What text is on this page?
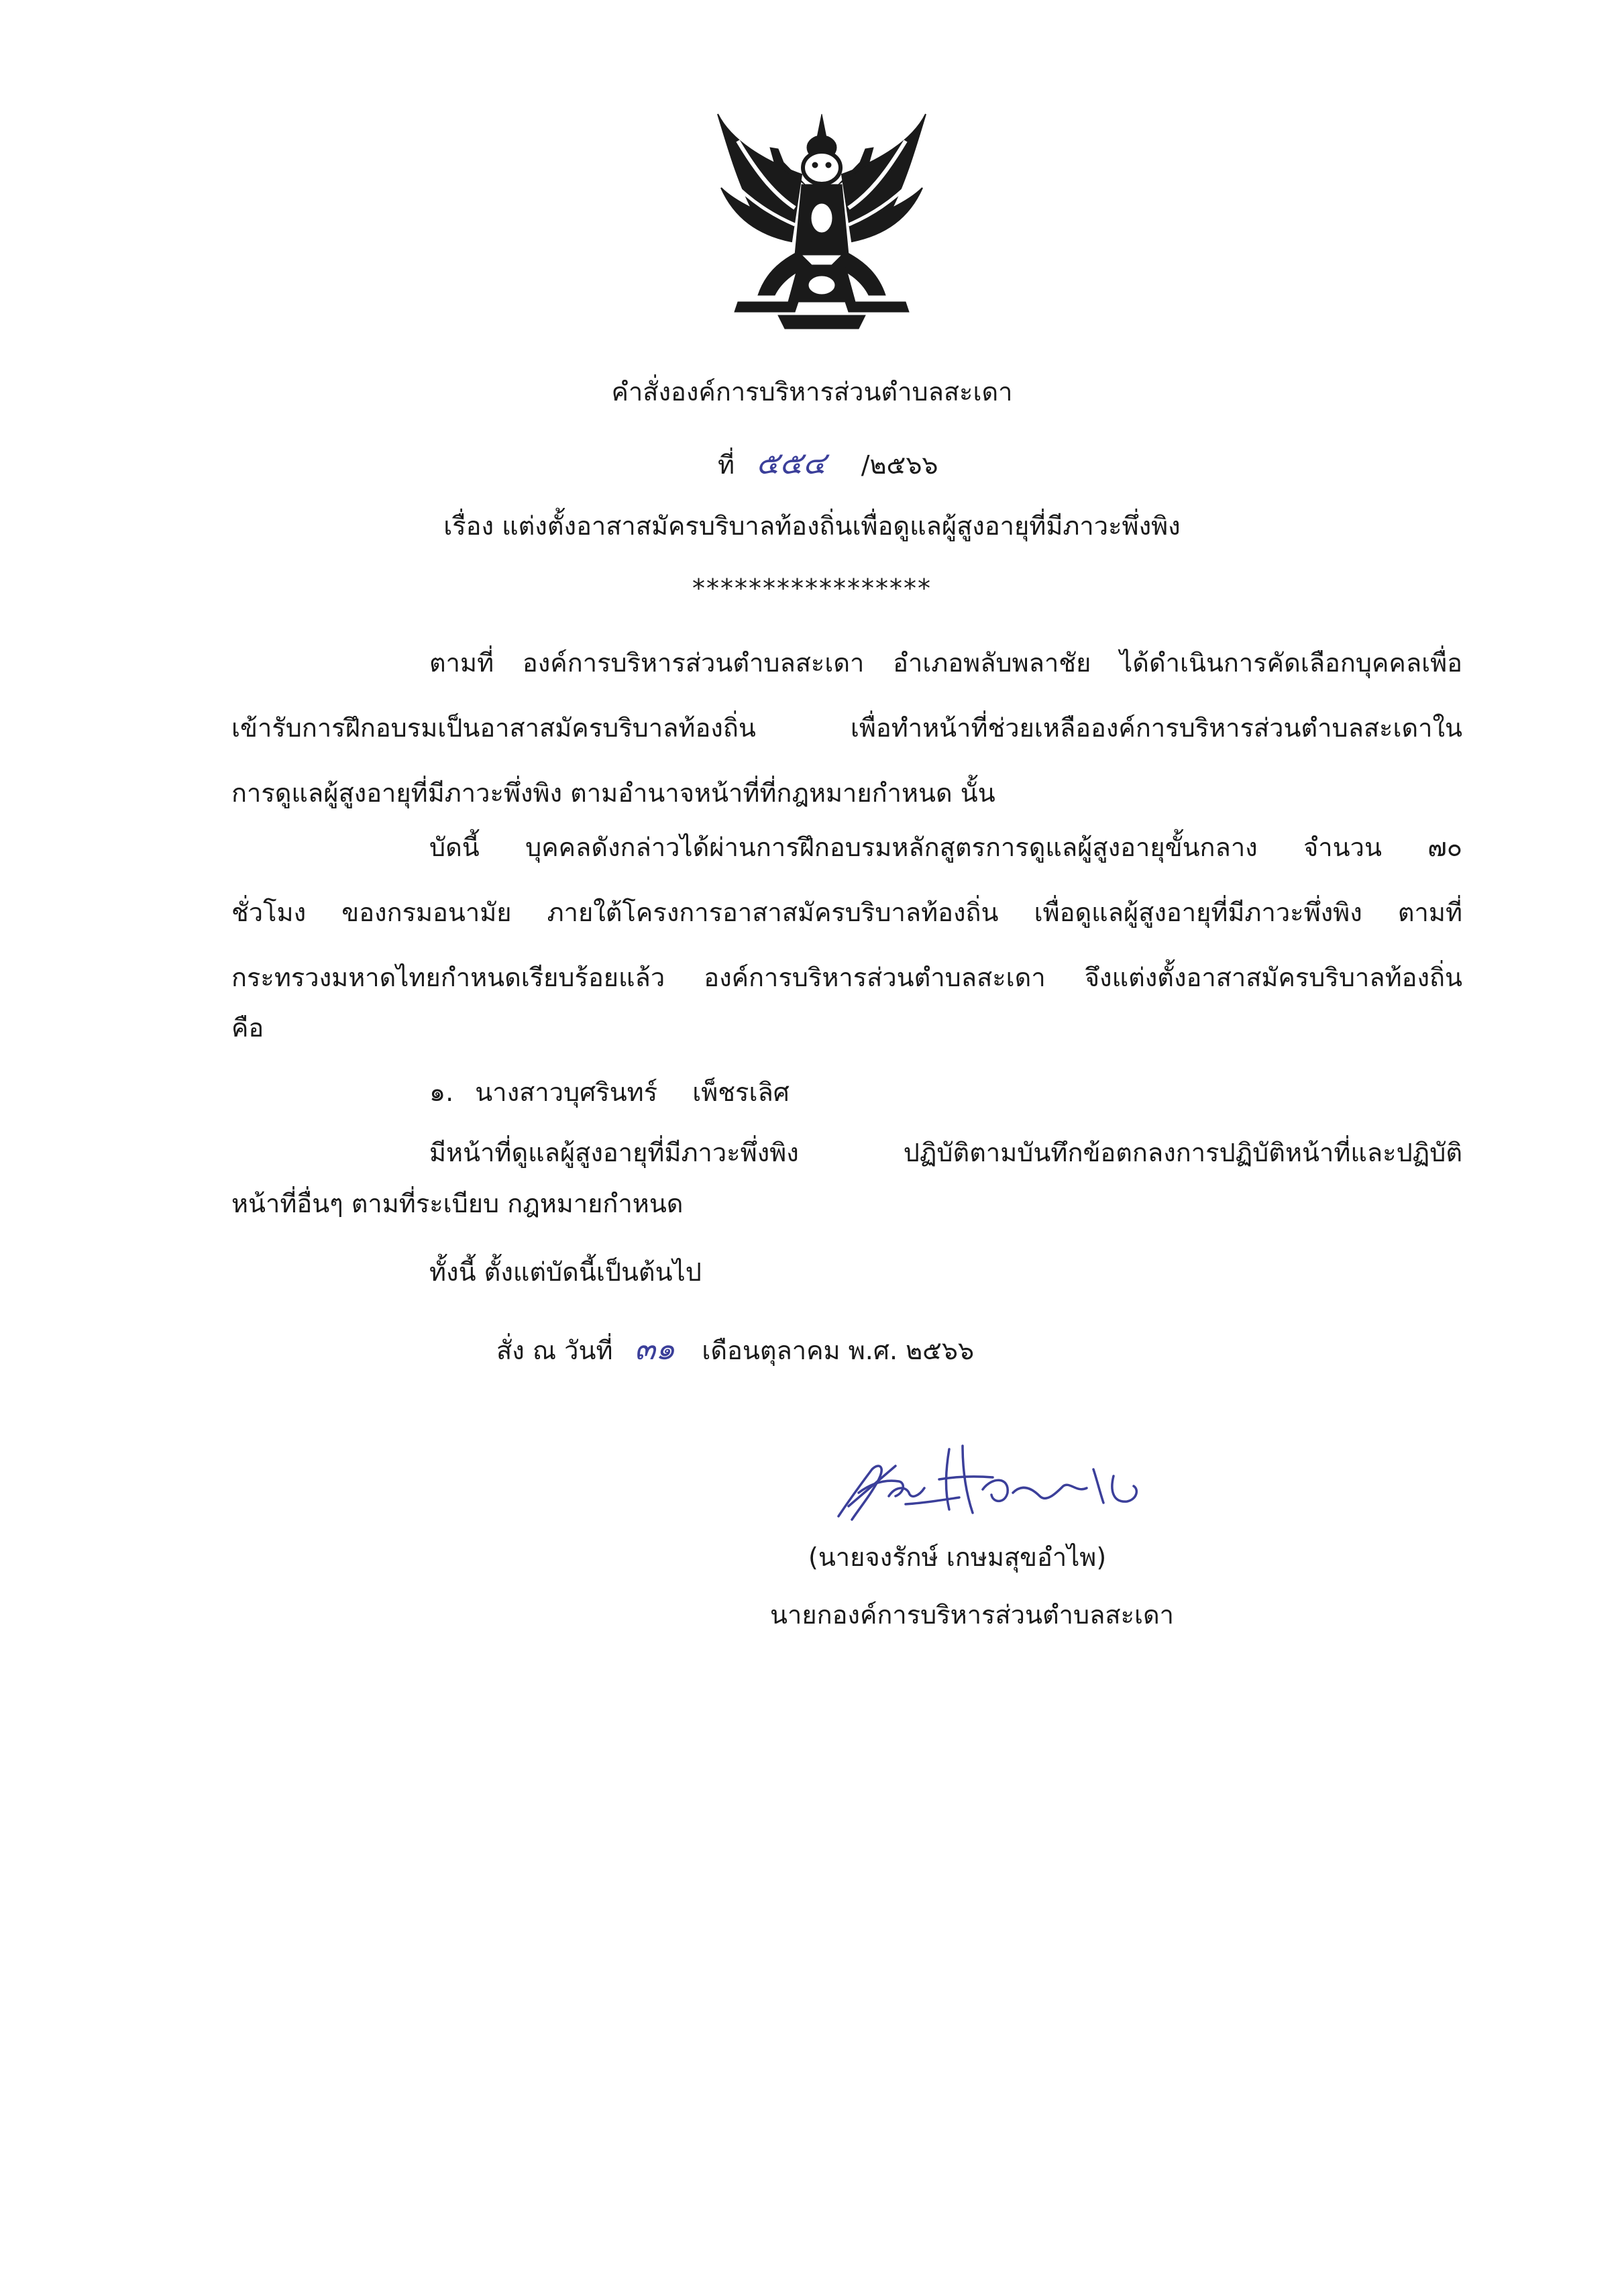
คำสั่งองค์การบริหารส่วนตำบลสะเดา
ที่ ๕๕๔ /๒๕๖๖
เรื่อง แต่งตั้งอาสาสมัครบริบาลท้องถิ่นเพื่อดูแลผู้สูงอายุที่มีภาวะพึ่งพิง
*****************
ตามที่ องค์การบริหารส่วนตำบลสะเดา อำเภอพลับพลาชัย ได้ดำเนินการคัดเลือกบุคคลเพื่อ
เข้ารับการฝึกอบรมเป็นอาสาสมัครบริบาลท้องถิ่น เพื่อทำหน้าที่ช่วยเหลือองค์การบริหารส่วนตำบลสะเดาใน
การดูแลผู้สูงอายุที่มีภาวะพึ่งพิง ตามอำนาจหน้าที่ที่กฎหมายกำหนด นั้น
บัดนี้ บุคคลดังกล่าวได้ผ่านการฝึกอบรมหลักสูตรการดูแลผู้สูงอายุขั้นกลาง จำนวน ๗๐
ชั่วโมง ของกรมอนามัย ภายใต้โครงการอาสาสมัครบริบาลท้องถิ่น เพื่อดูแลผู้สูงอายุที่มีภาวะพึ่งพิง ตามที่
กระทรวงมหาดไทยกำหนดเรียบร้อยแล้ว องค์การบริหารส่วนตำบลสะเดา จึงแต่งตั้งอาสาสมัครบริบาลท้องถิ่น
คือ
๑. นางสาวบุศรินทร์ เพ็ชรเลิศ
มีหน้าที่ดูแลผู้สูงอายุที่มีภาวะพึ่งพิง ปฏิบัติตามบันทึกข้อตกลงการปฏิบัติหน้าที่และปฏิบัติ
หน้าที่อื่นๆ ตามที่ระเบียบ กฎหมายกำหนด
ทั้งนี้ ตั้งแต่บัดนี้เป็นต้นไป
สั่ง ณ วันที่ ๓๑ เดือนตุลาคม พ.ศ. ๒๕๖๖
(นายจงรักษ์ เกษมสุขอำไพ)
นายกองค์การบริหารส่วนตำบลสะเดา
